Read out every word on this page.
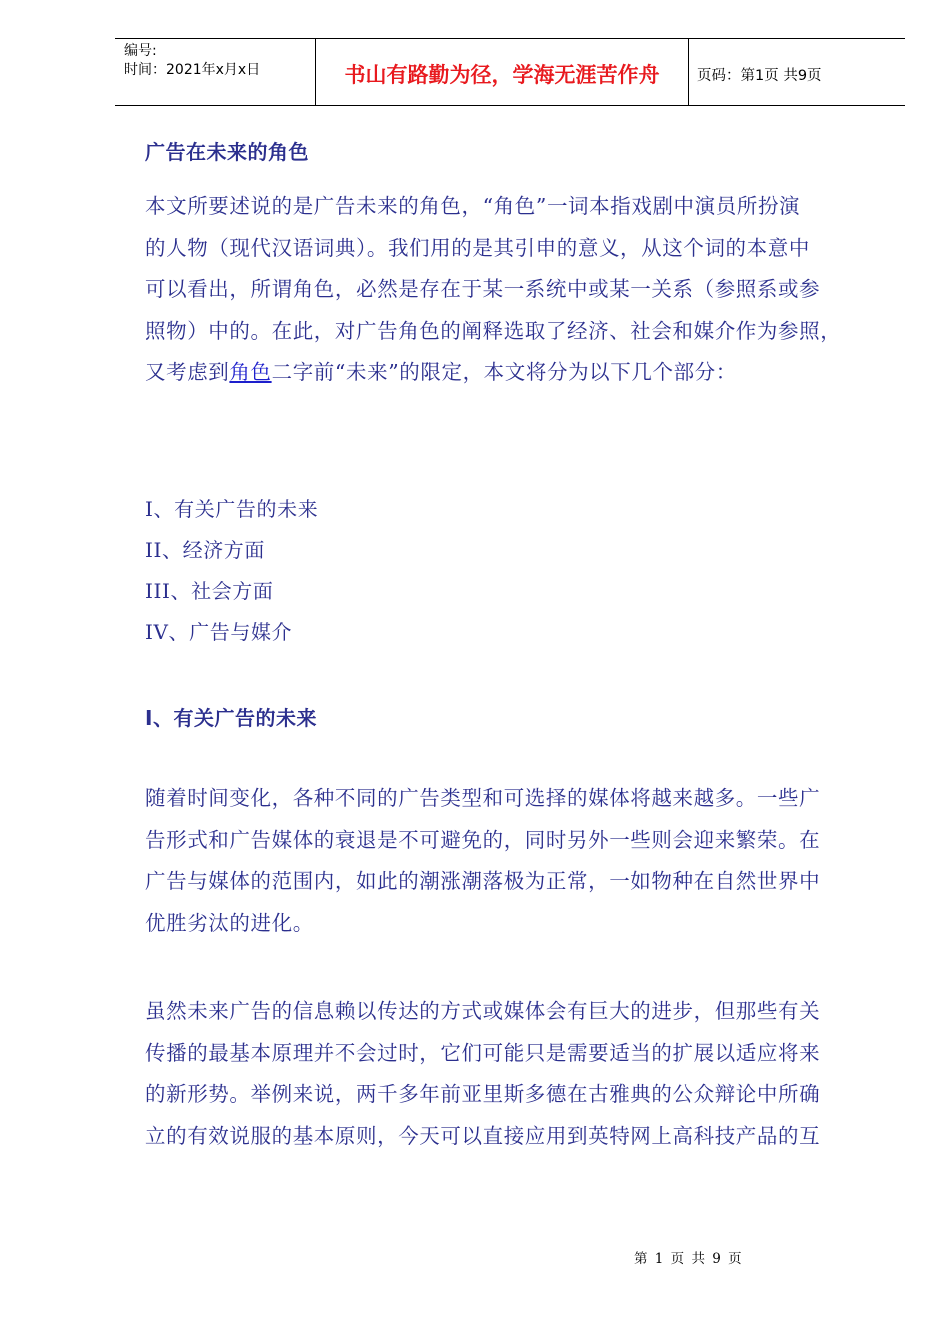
编号:
时间：2021年x月x日	书山有路勤为径，学海无涯苦作舟	页码：第1页 共9页
广告在未来的角色
本文所要述说的是广告未来的角色，“角色”一词本指戏剧中演员所扮演
的人物（现代汉语词典）。我们用的是其引申的意义，从这个词的本意中
可以看出，所谓角色，必然是存在于某一系统中或某一关系（参照系或参
照物）中的。在此，对广告角色的阐释选取了经济、社会和媒介作为参照，
又考虑到角色二字前“未来”的限定，本文将分为以下几个部分：
I、有关广告的未来
II、经济方面
III、社会方面
IV、广告与媒介
I、有关广告的未来
随着时间变化，各种不同的广告类型和可选择的媒体将越来越多。一些广
告形式和广告媒体的衰退是不可避免的，同时另外一些则会迎来繁荣。在
广告与媒体的范围内，如此的潮涨潮落极为正常，一如物种在自然世界中
优胜劣汰的进化。
虽然未来广告的信息赖以传达的方式或媒体会有巨大的进步，但那些有关
传播的最基本原理并不会过时，它们可能只是需要适当的扩展以适应将来
的新形势。举例来说，两千多年前亚里斯多德在古雅典的公众辩论中所确
立的有效说服的基本原则，今天可以直接应用到英特网上高科技产品的互
第 1 页 共 9 页
